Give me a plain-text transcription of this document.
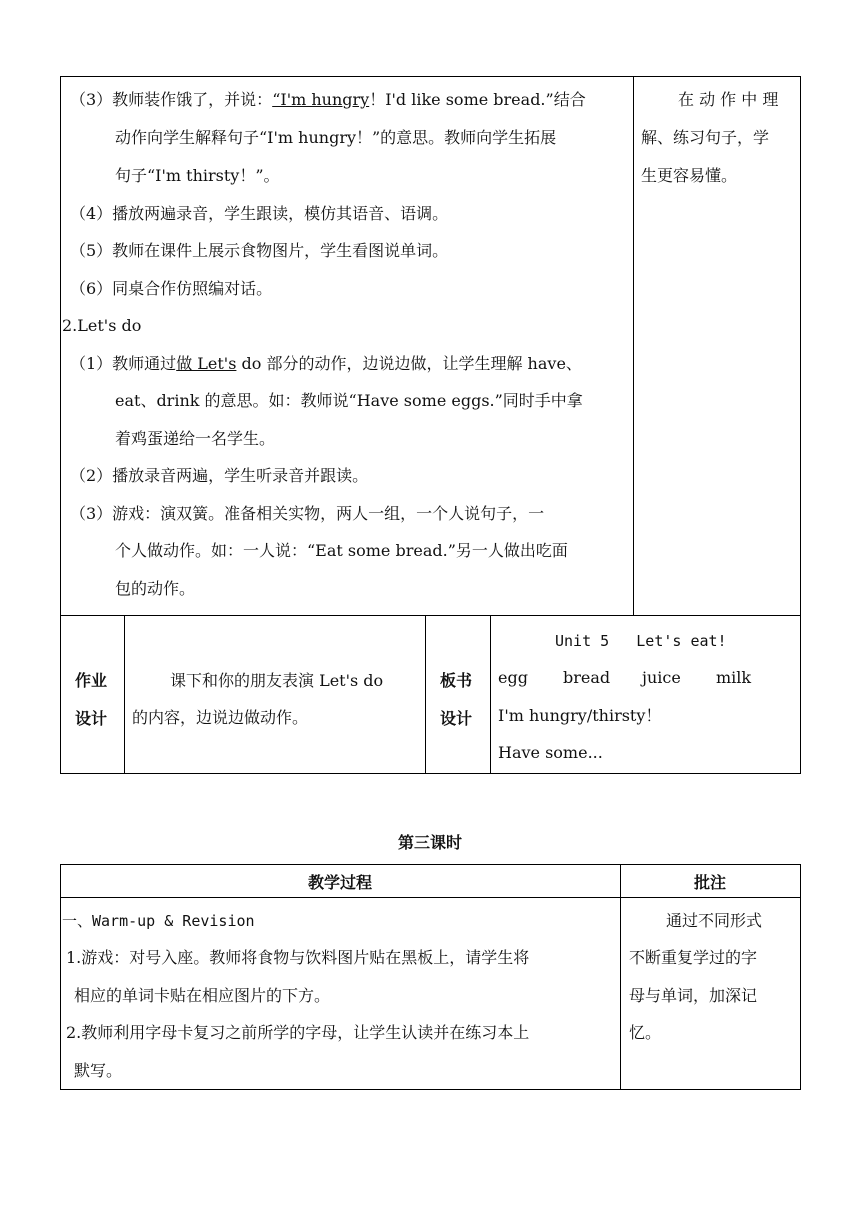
（3）教师装作饿了，并说：“I'm hungry！I'd like some bread.”结合
动作向学生解释句子“I'm hungry！”的意思。教师向学生拓展
句子“I'm thirsty！”。
（4）播放两遍录音，学生跟读，模仿其语音、语调。
（5）教师在课件上展示食物图片，学生看图说单词。
（6）同桌合作仿照编对话。
2.Let's do
（1）教师通过做 Let's do 部分的动作，边说边做，让学生理解 have、
eat、drink 的意思。如：教师说“Have some eggs.”同时手中拿
着鸡蛋递给一名学生。
（2）播放录音两遍，学生听录音并跟读。
（3）游戏：演双簧。准备相关实物，两人一组，一个人说句子，一
个人做动作。如：一人说：“Eat some bread.”另一人做出吃面
包的动作。
在 动 作 中 理
解、练习句子，学
生更容易懂。
作业
设计
课下和你的朋友表演 Let's do
的内容，边说边做动作。
板书
设计
Unit 5   Let's eat!
egg bread juice milk
I'm hungry/thirsty！
Have some...
第三课时
教学过程	批注
一、Warm-up & Revision
1.游戏：对号入座。教师将食物与饮料图片贴在黑板上，请学生将
相应的单词卡贴在相应图片的下方。
2.教师利用字母卡复习之前所学的字母，让学生认读并在练习本上
默写。
通过不同形式
不断重复学过的字
母与单词，加深记
忆。
